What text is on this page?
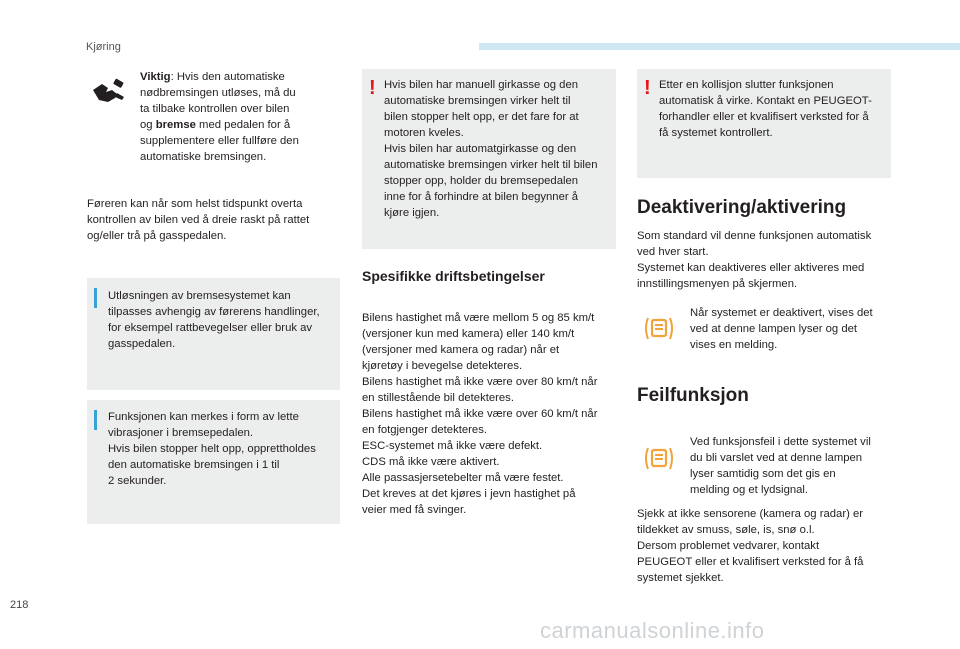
Kjøring
Viktig: Hvis den automatiske
nødbremsingen utløses, må du
ta tilbake kontrollen over bilen
og bremse med pedalen for å
supplementere eller fullføre den
automatiske bremsingen.
Føreren kan når som helst tidspunkt overta
kontrollen av bilen ved å dreie raskt på rattet
og/eller trå på gasspedalen.
Utløsningen av bremsesystemet kan
tilpasses avhengig av førerens handlinger,
for eksempel rattbevegelser eller bruk av
gasspedalen.
Funksjonen kan merkes i form av lette
vibrasjoner i bremsepedalen.
Hvis bilen stopper helt opp, opprettholdes
den automatiske bremsingen i 1 til
2 sekunder.
! Hvis bilen har manuell girkasse og den
automatiske bremsingen virker helt til
bilen stopper helt opp, er det fare for at
motoren kveles.
Hvis bilen har automatgirkasse og den
automatiske bremsingen virker helt til bilen
stopper opp, holder du bremsepedalen
inne for å forhindre at bilen begynner å
kjøre igjen.
Spesifikke driftsbetingelser
Bilens hastighet må være mellom 5 og 85 km/t
(versjoner kun med kamera) eller 140 km/t
(versjoner med kamera og radar) når et
kjøretøy i bevegelse detekteres.
Bilens hastighet må ikke være over 80 km/t når
en stillestående bil detekteres.
Bilens hastighet må ikke være over 60 km/t når
en fotgjenger detekteres.
ESC-systemet må ikke være defekt.
CDS må ikke være aktivert.
Alle passasjersetebelter må være festet.
Det kreves at det kjøres i jevn hastighet på
veier med få svinger.
! Etter en kollisjon slutter funksjonen
automatisk å virke. Kontakt en PEUGEOT-
forhandler eller et kvalifisert verksted for å
få systemet kontrollert.
Deaktivering/aktivering
Som standard vil denne funksjonen automatisk
ved hver start.
Systemet kan deaktiveres eller aktiveres med
innstillingsmenyen på skjermen.
Når systemet er deaktivert, vises det
ved at denne lampen lyser og det
vises en melding.
Feilfunksjon
Ved funksjonsfeil i dette systemet vil
du bli varslet ved at denne lampen
lyser samtidig som det gis en
melding og et lydsignal.
Sjekk at ikke sensorene (kamera og radar) er
tildekket av smuss, søle, is, snø o.l.
Dersom problemet vedvarer, kontakt
PEUGEOT eller et kvalifisert verksted for å få
systemet sjekket.
218
carmanualsonline.info
